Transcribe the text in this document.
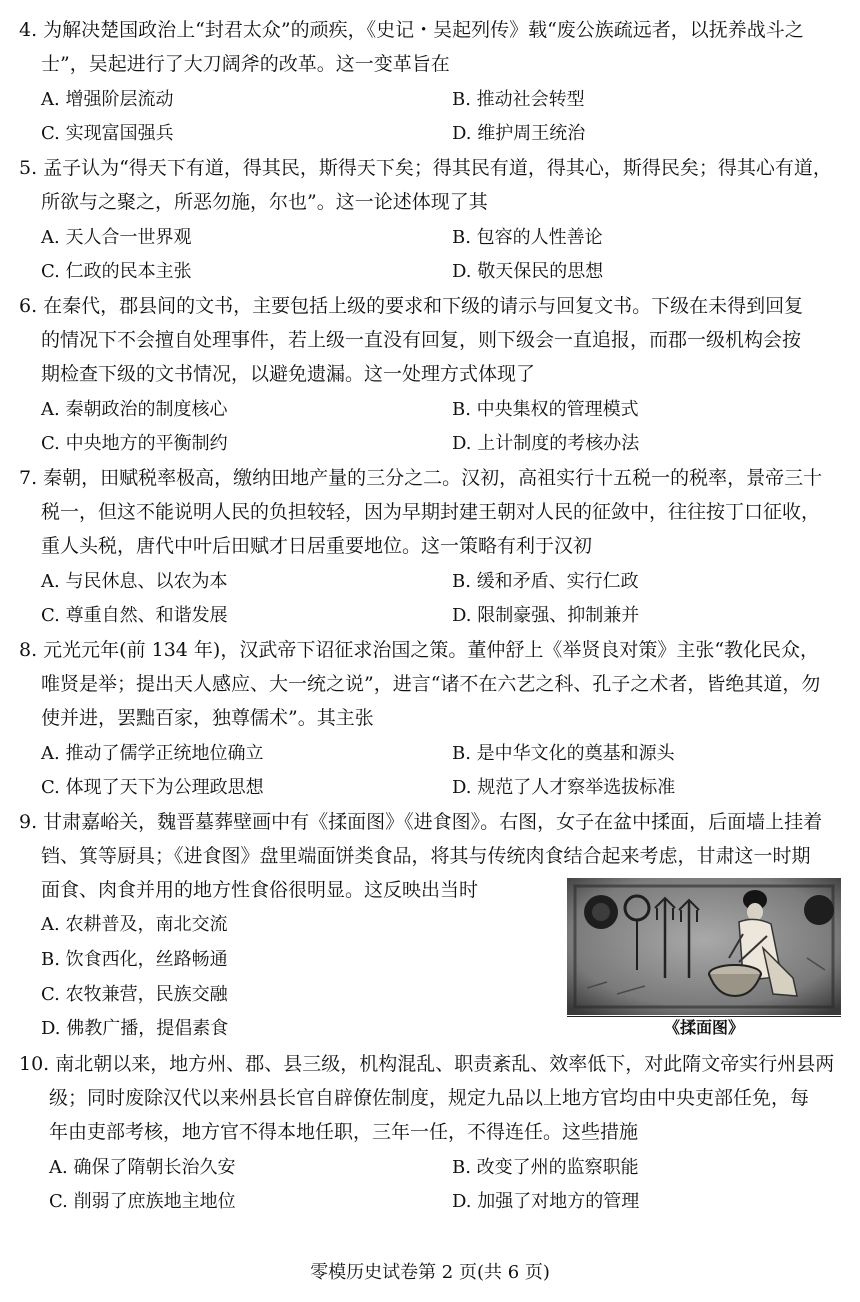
4. 为解决楚国政治上“封君太众”的顽疾，《史记・吴起列传》载“废公族疏远者，以抚养战斗之
士”，吴起进行了大刀阔斧的改革。这一变革旨在
A. 增强阶层流动	B. 推动社会转型
C. 实现富国强兵	D. 维护周王统治
5. 孟子认为“得天下有道，得其民，斯得天下矣；得其民有道，得其心，斯得民矣；得其心有道，
所欲与之聚之，所恶勿施，尔也”。这一论述体现了其
A. 天人合一世界观	B. 包容的人性善论
C. 仁政的民本主张	D. 敬天保民的思想
6. 在秦代，郡县间的文书，主要包括上级的要求和下级的请示与回复文书。下级在未得到回复
的情况下不会擅自处理事件，若上级一直没有回复，则下级会一直追报，而郡一级机构会按
期检查下级的文书情况，以避免遗漏。这一处理方式体现了
A. 秦朝政治的制度核心	B. 中央集权的管理模式
C. 中央地方的平衡制约	D. 上计制度的考核办法
7. 秦朝，田赋税率极高，缴纳田地产量的三分之二。汉初，高祖实行十五税一的税率，景帝三十
税一，但这不能说明人民的负担较轻，因为早期封建王朝对人民的征敛中，往往按丁口征收，
重人头税，唐代中叶后田赋才日居重要地位。这一策略有利于汉初
A. 与民休息、以农为本	B. 缓和矛盾、实行仁政
C. 尊重自然、和谐发展	D. 限制豪强、抑制兼并
8. 元光元年(前 134 年)，汉武帝下诏征求治国之策。董仲舒上《举贤良对策》主张“教化民众，
唯贤是举；提出天人感应、大一统之说”，进言“诸不在六艺之科、孔子之术者，皆绝其道，勿
使并进，罢黜百家，独尊儒术”。其主张
A. 推动了儒学正统地位确立	B. 是中华文化的奠基和源头
C. 体现了天下为公理政思想	D. 规范了人才察举选拔标准
9. 甘肃嘉峪关，魏晋墓葬壁画中有《揉面图》《进食图》。右图，女子在盆中揉面，后面墙上挂着
铛、箕等厨具；《进食图》盘里端面饼类食品，将其与传统肉食结合起来考虑，甘肃这一时期
面食、肉食并用的地方性食俗很明显。这反映出当时
A. 农耕普及，南北交流
B. 饮食西化，丝路畅通
C. 农牧兼营，民族交融
D. 佛教广播，提倡素食	《揉面图》
10. 南北朝以来，地方州、郡、县三级，机构混乱、职责紊乱、效率低下，对此隋文帝实行州县两
级；同时废除汉代以来州县长官自辟僚佐制度，规定九品以上地方官均由中央吏部任免，每
年由吏部考核，地方官不得本地任职，三年一任，不得连任。这些措施
A. 确保了隋朝长治久安	B. 改变了州的监察职能
C. 削弱了庶族地主地位	D. 加强了对地方的管理
零模历史试卷第 2 页(共 6 页)
